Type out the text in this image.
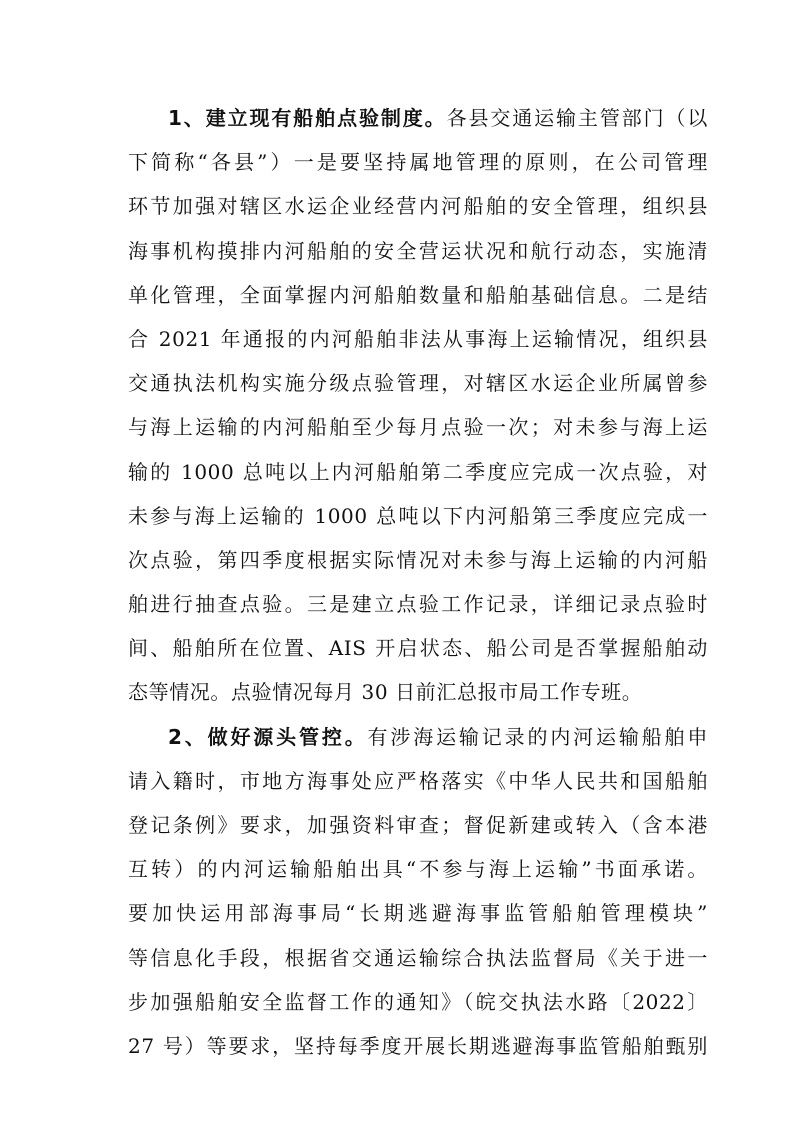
1、建立现有船舶点验制度。各县交通运输主管部门（以
下简称“各县”）一是要坚持属地管理的原则，在公司管理
环节加强对辖区水运企业经营内河船舶的安全管理，组织县
海事机构摸排内河船舶的安全营运状况和航行动态，实施清
单化管理，全面掌握内河船舶数量和船舶基础信息。二是结
合 2021 年通报的内河船舶非法从事海上运输情况，组织县
交通执法机构实施分级点验管理，对辖区水运企业所属曾参
与海上运输的内河船舶至少每月点验一次；对未参与海上运
输的 1000 总吨以上内河船舶第二季度应完成一次点验，对
未参与海上运输的 1000 总吨以下内河船第三季度应完成一
次点验，第四季度根据实际情况对未参与海上运输的内河船
舶进行抽查点验。三是建立点验工作记录，详细记录点验时
间、船舶所在位置、AIS 开启状态、船公司是否掌握船舶动
态等情况。点验情况每月 30 日前汇总报市局工作专班。
2、做好源头管控。有涉海运输记录的内河运输船舶申
请入籍时，市地方海事处应严格落实《中华人民共和国船舶
登记条例》要求，加强资料审查；督促新建或转入（含本港
互转）的内河运输船舶出具“不参与海上运输”书面承诺。
要加快运用部海事局“长期逃避海事监管船舶管理模块”
等信息化手段，根据省交通运输综合执法监督局《关于进一
步加强船舶安全监督工作的通知》（皖交执法水路〔2022〕
27 号）等要求，坚持每季度开展长期逃避海事监管船舶甄别
